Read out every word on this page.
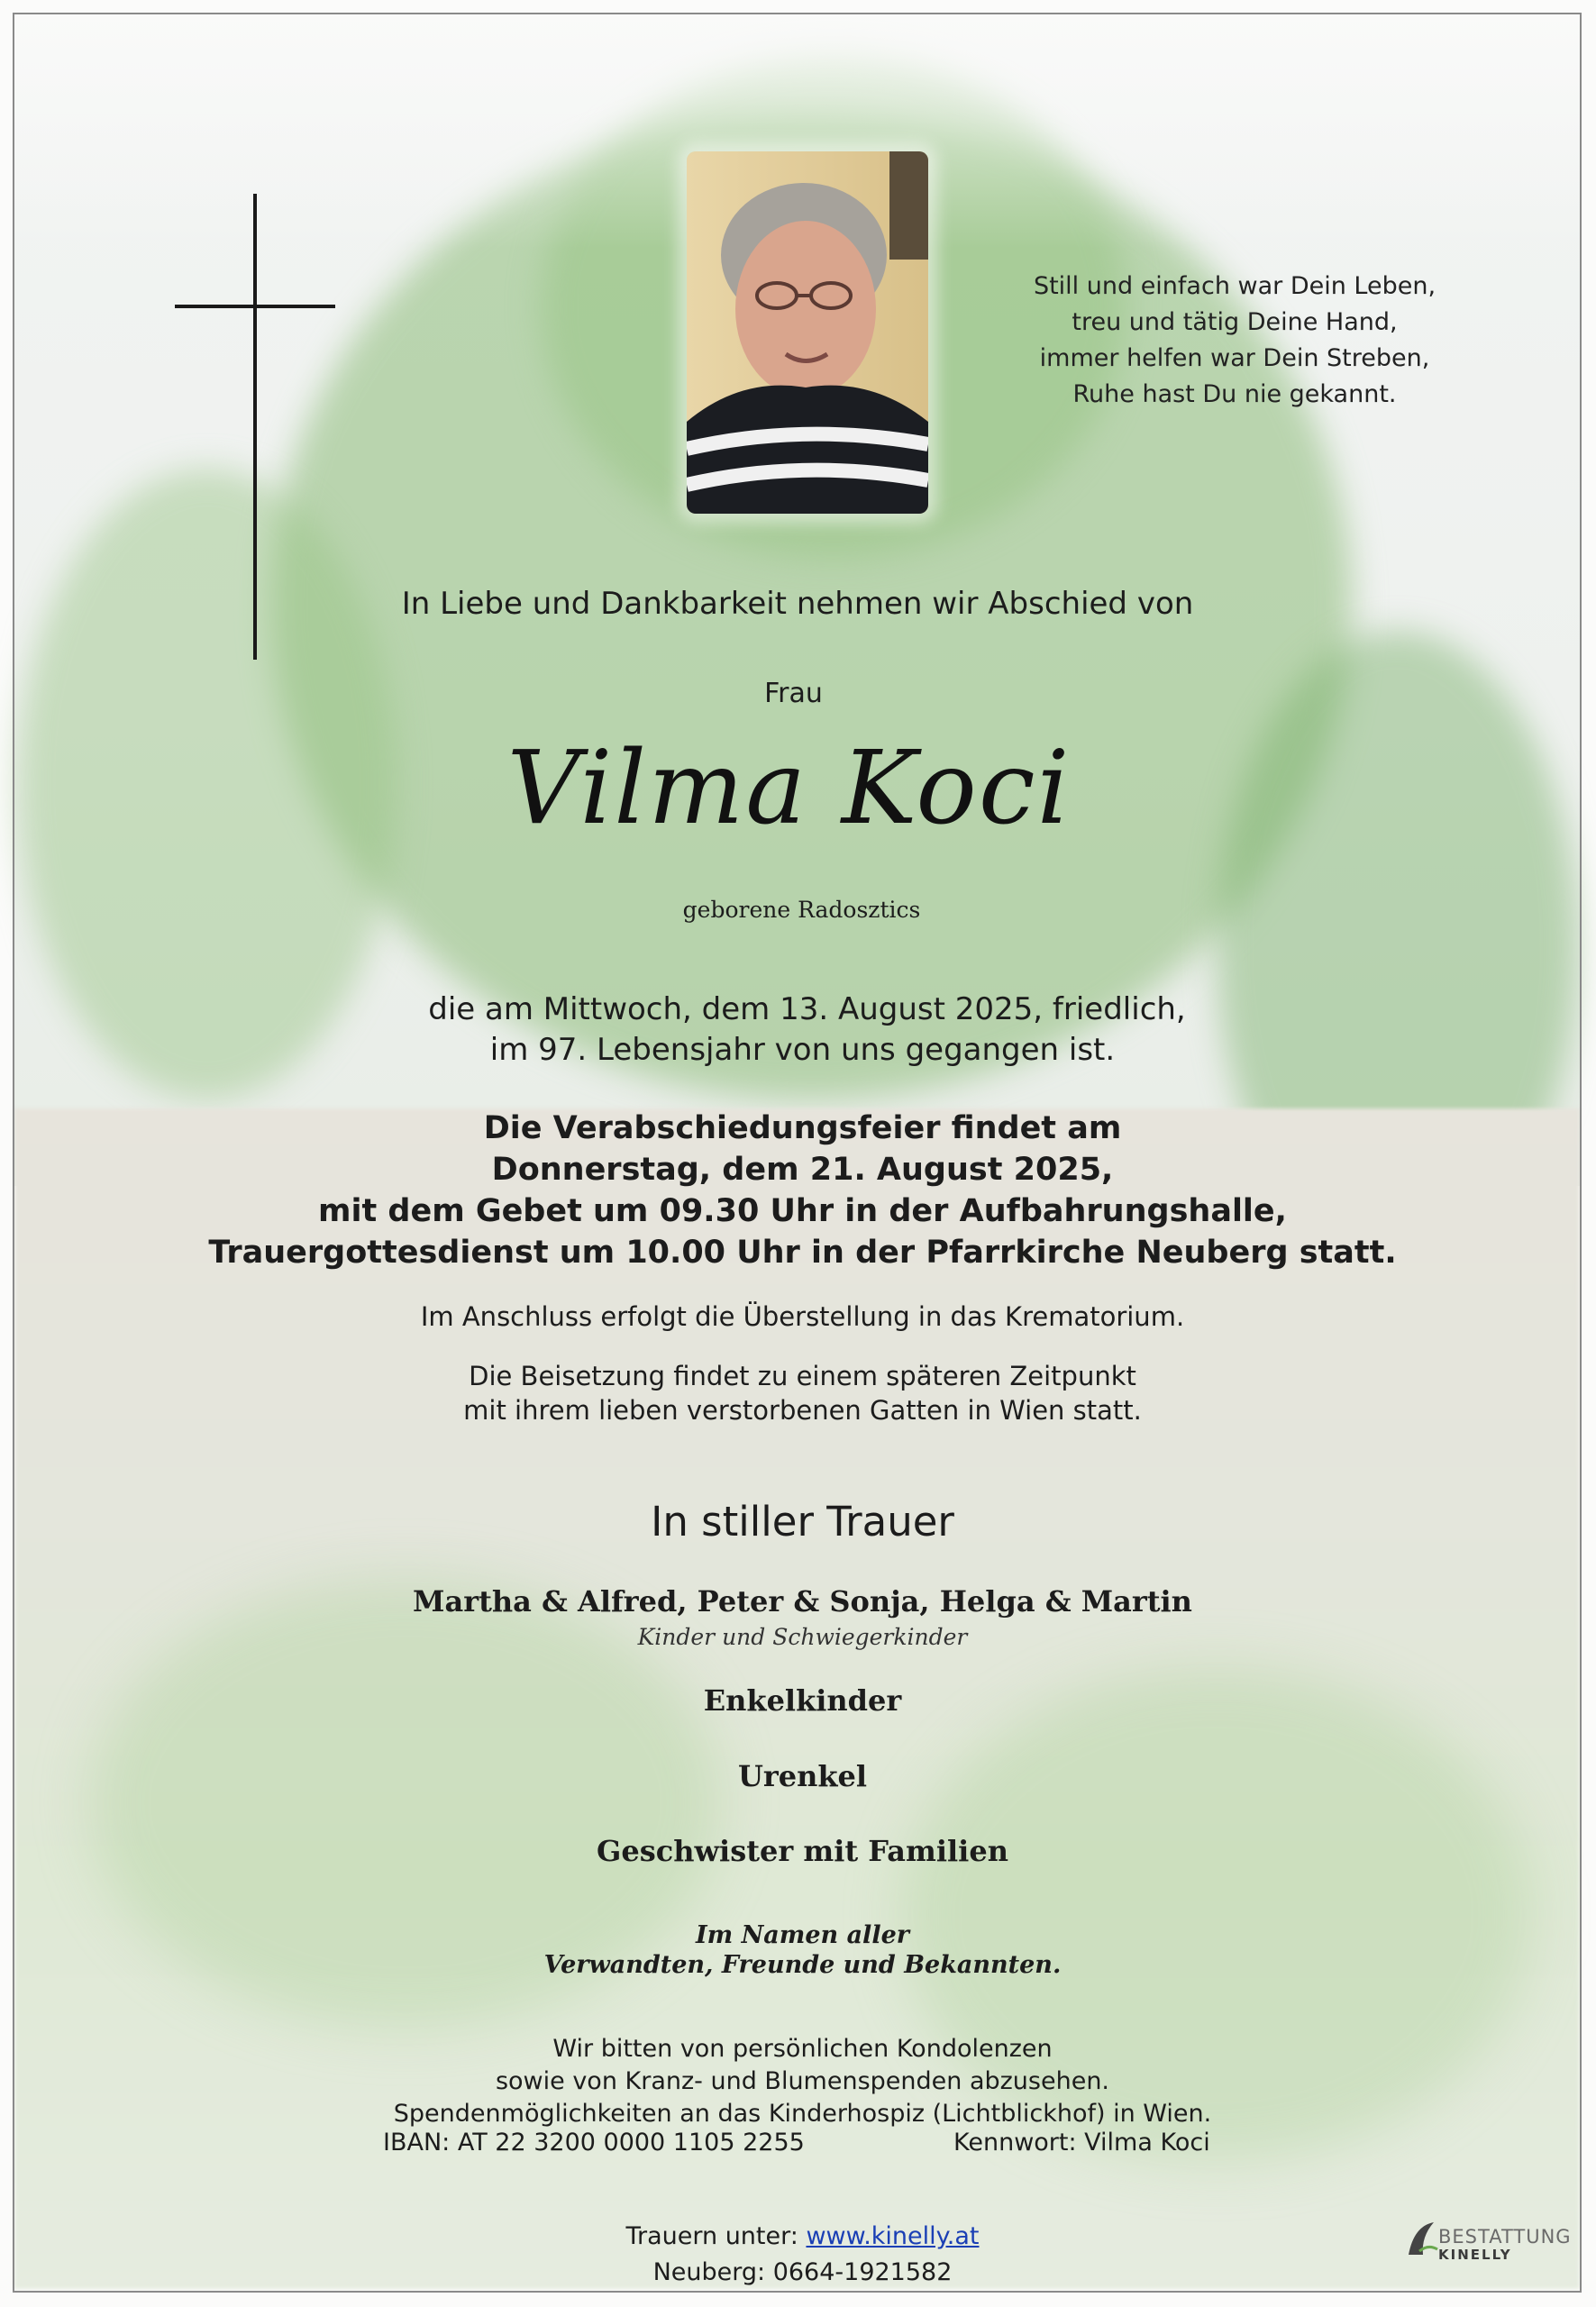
Still und einfach war Dein Leben,
treu und tätig Deine Hand,
immer helfen war Dein Streben,
Ruhe hast Du nie gekannt.
In Liebe und Dankbarkeit nehmen wir Abschied von
Frau
Vilma Koci
geborene Radosztics
die am Mittwoch, dem 13. August 2025, friedlich,
im 97. Lebensjahr von uns gegangen ist.
Die Verabschiedungsfeier findet am
Donnerstag, dem 21. August 2025,
mit dem Gebet um 09.30 Uhr in der Aufbahrungshalle,
Trauergottesdienst um 10.00 Uhr in der Pfarrkirche Neuberg statt.
Im Anschluss erfolgt die Überstellung in das Krematorium.
Die Beisetzung findet zu einem späteren Zeitpunkt
mit ihrem lieben verstorbenen Gatten in Wien statt.
In stiller Trauer
Martha & Alfred, Peter & Sonja, Helga & Martin
Kinder und Schwiegerkinder
Enkelkinder
Urenkel
Geschwister mit Familien
Im Namen aller
Verwandten, Freunde und Bekannten.
Wir bitten von persönlichen Kondolenzen
sowie von Kranz- und Blumenspenden abzusehen.
Spendenmöglichkeiten an das Kinderhospiz (Lichtblickhof) in Wien.
IBAN: AT 22 3200 0000 1105 2255	Kennwort: Vilma Koci
Trauern unter: www.kinelly.at
Neuberg: 0664-1921582
BESTATTUNG
KINELLY
